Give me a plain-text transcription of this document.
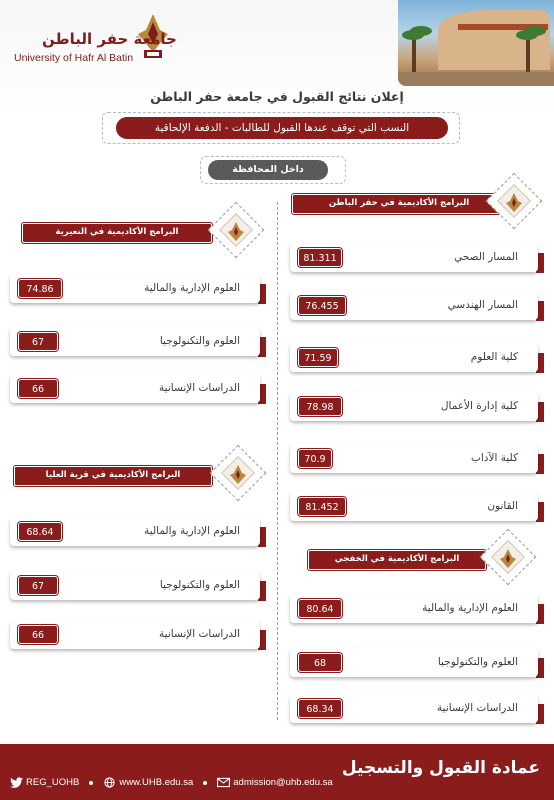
جامعة حفر الباطن
University of Hafr Al Batin
إعلان نتائج القبول في جامعة حفر الباطن
النسب التي توقف عندها القبول للطالبات - الدفعة الإلحاقية
داخل المحافظة
البرامج الأكاديمية في حفر الباطن
المسار الصحي
81.311
المسار الهندسي
76.455
كلية العلوم
71.59
كلية إدارة الأعمال
78.98
كلية الآداب
70.9
القانون
81.452
البرامج الأكاديمية في الخفجي
العلوم الإدارية والمالية
80.64
العلوم والتكنولوجيا
68
الدراسات الإنسانية
68.34
البرامج الأكاديمية في النعيرية
العلوم الإدارية والمالية
74.86
العلوم والتكنولوجيا
67
الدراسات الإنسانية
66
البرامج الأكاديمية في قرية العليا
العلوم الإدارية والمالية
68.64
العلوم والتكنولوجيا
67
الدراسات الإنسانية
66
عمادة القبول والتسجيل
REG_UOHB	www.UHB.edu.sa	admission@uhb.edu.sa
